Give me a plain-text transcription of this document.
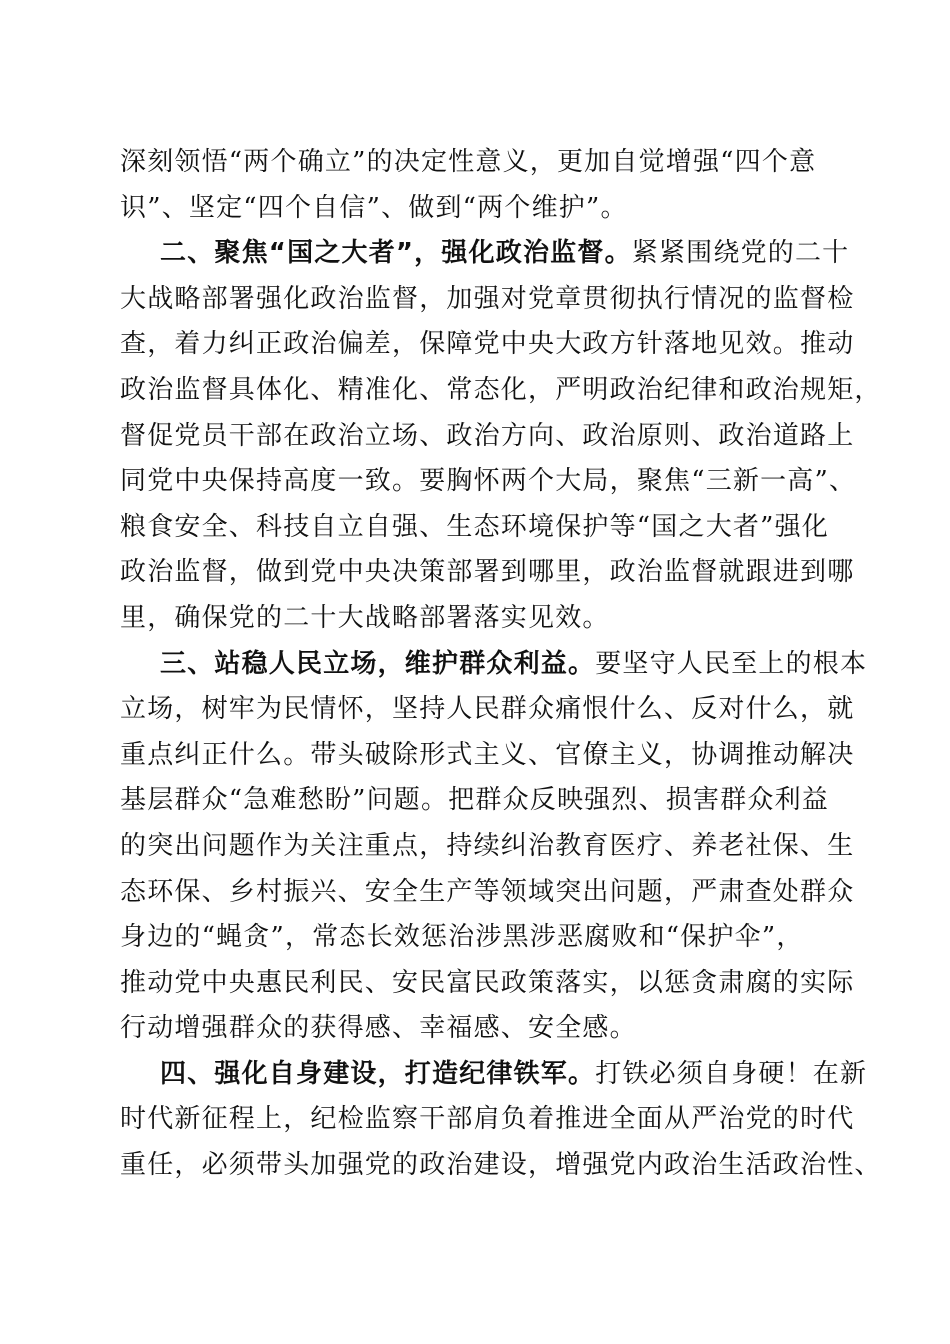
深刻领悟“两个确立”的决定性意义，更加自觉增强“四个意
识”、坚定“四个自信”、做到“两个维护”。
二、聚焦“国之大者”，强化政治监督。紧紧围绕党的二十
大战略部署强化政治监督，加强对党章贯彻执行情况的监督检
查，着力纠正政治偏差，保障党中央大政方针落地见效。推动
政治监督具体化、精准化、常态化，严明政治纪律和政治规矩，
督促党员干部在政治立场、政治方向、政治原则、政治道路上
同党中央保持高度一致。要胸怀两个大局，聚焦“三新一高”、
粮食安全、科技自立自强、生态环境保护等“国之大者”强化
政治监督，做到党中央决策部署到哪里，政治监督就跟进到哪
里，确保党的二十大战略部署落实见效。
三、站稳人民立场，维护群众利益。要坚守人民至上的根本
立场，树牢为民情怀，坚持人民群众痛恨什么、反对什么，就
重点纠正什么。带头破除形式主义、官僚主义，协调推动解决
基层群众“急难愁盼”问题。把群众反映强烈、损害群众利益
的突出问题作为关注重点，持续纠治教育医疗、养老社保、生
态环保、乡村振兴、安全生产等领域突出问题，严肃查处群众
身边的“蝇贪”，常态长效惩治涉黑涉恶腐败和“保护伞”，
推动党中央惠民利民、安民富民政策落实，以惩贪肃腐的实际
行动增强群众的获得感、幸福感、安全感。
四、强化自身建设，打造纪律铁军。打铁必须自身硬！在新
时代新征程上，纪检监察干部肩负着推进全面从严治党的时代
重任，必须带头加强党的政治建设，增强党内政治生活政治性、
